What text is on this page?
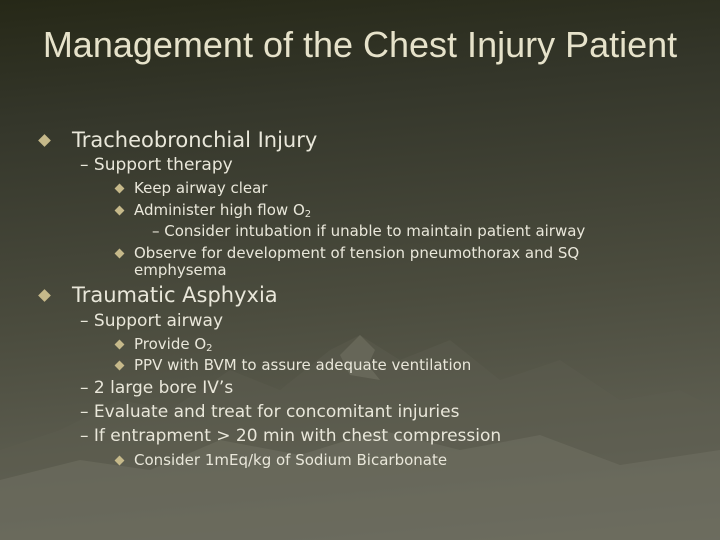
Management of the Chest Injury Patient
Tracheobronchial Injury
– Support therapy
Keep airway clear
Administer high flow O2
– Consider intubation if unable to maintain patient airway
Observe for development of tension pneumothorax and SQ
emphysema
Traumatic Asphyxia
– Support airway
Provide O2
PPV with BVM to assure adequate ventilation
– 2 large bore IV’s
– Evaluate and treat for concomitant injuries
– If entrapment > 20 min with chest compression
Consider 1mEq/kg of Sodium Bicarbonate
